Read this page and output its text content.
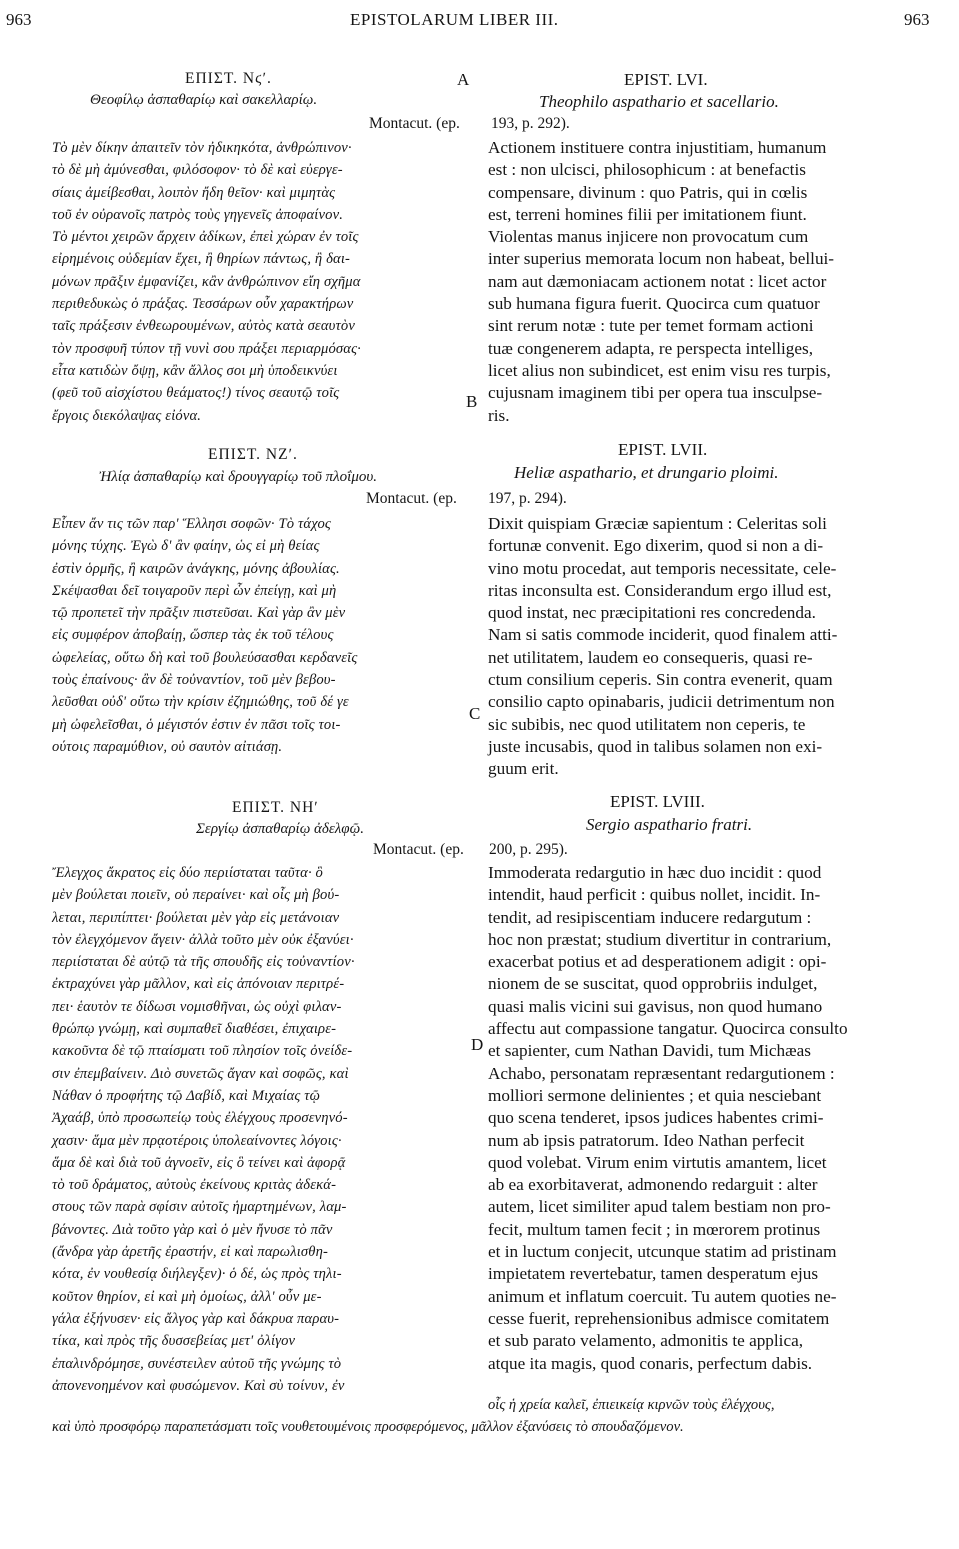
963	EPISTOLARUM LIBER III.	963
A
B
C
D
ΕΠΙΣΤ. Νϛʹ.
Θεοφίλῳ ἀσπαθαρίῳ καὶ σακελλαρίῳ.
EPIST. LVI.
Theophilo aspathario et sacellario.
Montacut. (ep. 193, p. 292).
Τὸ μὲν δίκην ἀπαιτεῖν τὸν ἠδικηκότα, ἀνθρώπινον·
τὸ δὲ μὴ ἀμύνεσθαι, φιλόσοφον· τὸ δὲ καὶ εὐεργε-
σίαις ἀμείβεσθαι, λοιπὸν ἤδη θεῖον· καὶ μιμητὰς
τοῦ ἐν οὐρανοῖς πατρὸς τοὺς γηγενεῖς ἀποφαίνον.
Τὸ μέντοι χειρῶν ἄρχειν ἀδίκων, ἐπεὶ χώραν ἐν τοῖς
εἰρημένοις οὐδεμίαν ἔχει, ἢ θηρίων πάντως, ἢ δαι-
μόνων πρᾶξιν ἐμφανίζει, κἂν ἀνθρώπινον εἴη σχῆμα
περιθεδυκὼς ὁ πράξας. Τεσσάρων οὖν χαρακτήρων
ταῖς πράξεσιν ἐνθεωρουμένων, αὐτὸς κατὰ σεαυτὸν
τὸν προσφυῆ τύπον τῇ νυνὶ σου πράξει περιαρμόσας·
εἶτα κατιδὼν ὄψῃ, κἂν ἄλλος σοι μὴ ὑποδεικνύει
(φεῦ τοῦ αἰσχίστου θεάματος!) τίνος σεαυτῷ τοῖς
ἔργοις διεκόλαψας εἰόνα.
Actionem instituere contra injustitiam, humanum
est : non ulcisci, philosophicum : at benefactis
compensare, divinum : quo Patris, qui in cœlis
est, terreni homines filii per imitationem fiunt.
Violentas manus injicere non provocatum cum
inter superius memorata locum non habeat, bellui-
nam aut dæmoniacam actionem notat : licet actor
sub humana figura fuerit. Quocirca cum quatuor
sint rerum notæ : tute per temet formam actioni
tuæ congenerem adapta, re perspecta intelliges,
licet alius non subindicet, est enim visu res turpis,
cujusnam imaginem tibi per opera tua insculpse-
ris.
ΕΠΙΣΤ. ΝΖʹ.
Ἠλίᾳ ἀσπαθαρίῳ καὶ δρουγγαρίῳ τοῦ πλοΐμου.
EPIST. LVII.
Heliæ aspathario, et drungario ploimi.
Montacut. (ep. 197, p. 294).
Εἶπεν ἄν τις τῶν παρ' Ἕλλησι σοφῶν· Τὸ τάχος
μόνης τύχης. Ἐγὼ δ' ἂν φαίην, ὡς εἰ μὴ θείας
ἐστὶν ὁρμῆς, ἢ καιρῶν ἀνάγκης, μόνης ἀβουλίας.
Σκέψασθαι δεῖ τοιγαροῦν περὶ ὧν ἐπείγῃ, καὶ μὴ
τῷ προπετεῖ τὴν πρᾶξιν πιστεῦσαι. Καὶ γὰρ ἂν μὲν
εἰς συμφέρον ἀποβαίῃ, ὥσπερ τὰς ἐκ τοῦ τέλους
ὠφελείας, οὕτω δὴ καὶ τοῦ βουλεύσασθαι κερδανεῖς
τοὺς ἐπαίνους· ἂν δὲ τοὐναντίον, τοῦ μὲν βεβου-
λεῦσθαι οὐδ' οὕτω τὴν κρίσιν ἐζημιώθης, τοῦ δέ γε
μὴ ὠφελεῖσθαι, ὁ μέγιστόν ἐστιν ἐν πᾶσι τοῖς τοι-
ούτοις παραμύθιον, οὐ σαυτὸν αἰτιάσῃ.
Dixit quispiam Græciæ sapientum : Celeritas soli
fortunæ convenit. Ego dixerim, quod si non a di-
vino motu procedat, aut temporis necessitate, cele-
ritas inconsulta est. Considerandum ergo illud est,
quod instat, nec præcipitationi res concredenda.
Nam si satis commode inciderit, quod finalem atti-
net utilitatem, laudem eo consequeris, quasi re-
ctum consilium ceperis. Sin contra evenerit, quam
consilio capto opinabaris, judicii detrimentum non
sic subibis, nec quod utilitatem non ceperis, te
juste incusabis, quod in talibus solamen non exi-
guum erit.
ΕΠΙΣΤ. ΝΗʹ
Σεργίῳ ἀσπαθαρίῳ ἀδελφῷ.
EPIST. LVIII.
Sergio aspathario fratri.
Montacut. (ep. 200, p. 295).
Ἔλεγχος ἄκρατος εἰς δύο περιίσταται ταῦτα· ὃ
μὲν βούλεται ποιεῖν, οὐ περαίνει· καὶ οἷς μὴ βού-
λεται, περιπίπτει· βούλεται μὲν γὰρ εἰς μετάνοιαν
τὸν ἐλεγχόμενον ἄγειν· ἀλλὰ τοῦτο μὲν οὐκ ἐξανύει·
περιίσταται δὲ αὐτῷ τὰ τῆς σπουδῆς εἰς τοὐναντίον·
ἐκτραχύνει γὰρ μᾶλλον, καὶ εἰς ἀπόνοιαν περιτρέ-
πει· ἑαυτὸν τε δίδωσι νομισθῆναι, ὡς οὐχὶ φιλαν-
θρώπῳ γνώμῃ, καὶ συμπαθεῖ διαθέσει, ἐπιχαιρε-
κακοῦντα δὲ τῷ πταίσματι τοῦ πλησίον τοῖς ὀνείδε-
σιν ἐπεμβαίνειν. Διὸ συνετῶς ἄγαν καὶ σοφῶς, καὶ
Νάθαν ὁ προφήτης τῷ Δαβίδ, καὶ Μιχαίας τῷ
Ἀχαάβ, ὑπὸ προσωπείῳ τοὺς ἐλέγχους προσενηνό-
χασιν· ἅμα μὲν πρᾳοτέροις ὑπολεαίνοντες λόγοις·
ἅμα δὲ καὶ διὰ τοῦ ἀγνοεῖν, εἰς ὃ τείνει καὶ ἀφορᾷ
τὸ τοῦ δράματος, αὐτοὺς ἐκείνους κριτὰς ἀδεκά-
στους τῶν παρὰ σφίσιν αὐτοῖς ἡμαρτημένων, λαμ-
βάνοντες. Διὰ τοῦτο γὰρ καὶ ὁ μὲν ἤνυσε τὸ πᾶν
(ἄνδρα γὰρ ἀρετῆς ἐραστήν, εἰ καὶ παρωλισθη-
κότα, ἐν νουθεσίᾳ διήλεγξεν)· ὁ δέ, ὡς πρὸς τηλι-
κοῦτον θηρίον, εἰ καὶ μὴ ὁμοίως, ἀλλ' οὖν με-
γάλα ἐξήνυσεν· εἰς ἄλγος γὰρ καὶ δάκρυα παραυ-
τίκα, καὶ πρὸς τῆς δυσσεβείας μετ' ὀλίγον
ἐπαλινδρόμησε, συνέστειλεν αὐτοῦ τῆς γνώμης τὸ
ἀπονενοημένον καὶ φυσώμενον. Καὶ σὺ τοίνυν, ἐν
Immoderata redargutio in hæc duo incidit : quod
intendit, haud perficit : quibus nollet, incidit. In-
tendit, ad resipiscentiam inducere redargutum :
hoc non præstat; studium divertitur in contrarium,
exacerbat potius et ad desperationem adigit : opi-
nionem de se suscitat, quod opprobriis indulget,
quasi malis vicini sui gavisus, non quod humano
affectu aut compassione tangatur. Quocirca consulto
et sapienter, cum Nathan Davidi, tum Michæas
Achabo, personatam repræsentant redargutionem :
molliori sermone delinientes ; et quia nesciebant
quo scena tenderet, ipsos judices habentes crimi-
num ab ipsis patratorum. Ideo Nathan perfecit
quod volebat. Virum enim virtutis amantem, licet
ab ea exorbitaverat, admonendo redarguit : alter
autem, licet similiter apud talem bestiam non pro-
fecit, multum tamen fecit ; in mœrorem protinus
et in luctum conjecit, utcunque statim ad pristinam
impietatem revertebatur, tamen desperatum ejus
animum et inflatum coercuit. Tu autem quoties ne-
cesse fuerit, reprehensionibus admisce comitatem
et sub parato velamento, admonitis te applica,
atque ita magis, quod conaris, perfectum dabis.
οἷς ἡ χρεία καλεῖ, ἐπιεικείᾳ κιρνῶν τοὺς ἐλέγχους,
καὶ ὑπὸ προσφόρῳ παραπετάσματι τοῖς νουθετουμένοις προσφερόμενος, μᾶλλον ἐξανύσεις τὸ σπουδαζόμενον.
